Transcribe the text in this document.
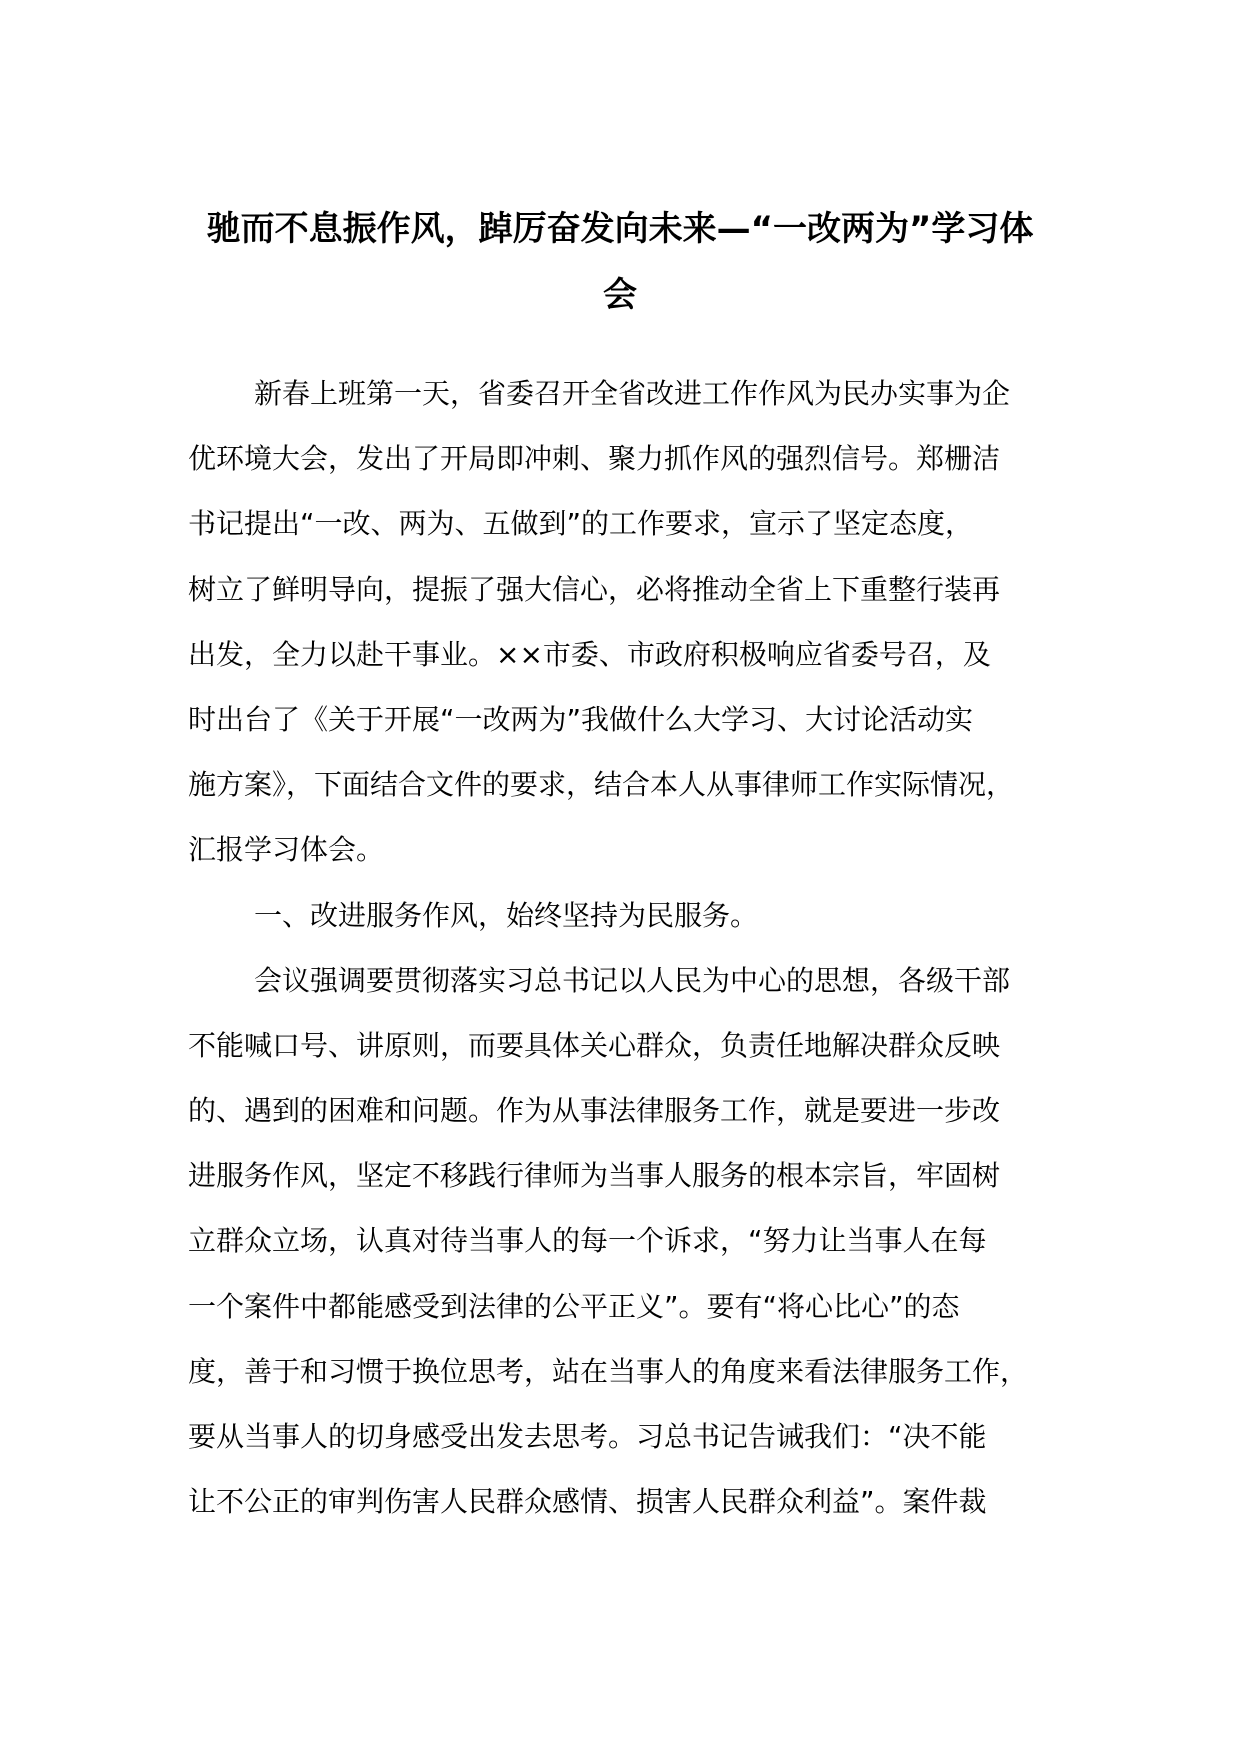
驰而不息振作风，踔厉奋发向未来—“一改两为”学习体
会
新春上班第一天，省委召开全省改进工作作风为民办实事为企
优环境大会，发出了开局即冲刺、聚力抓作风的强烈信号。郑栅洁
书记提出“一改、两为、五做到”的工作要求，宣示了坚定态度，
树立了鲜明导向，提振了强大信心，必将推动全省上下重整行装再
出发，全力以赴干事业。××市委、市政府积极响应省委号召，及
时出台了《关于开展“一改两为”我做什么大学习、大讨论活动实
施方案》，下面结合文件的要求，结合本人从事律师工作实际情况，
汇报学习体会。
一、改进服务作风，始终坚持为民服务。
会议强调要贯彻落实习总书记以人民为中心的思想，各级干部
不能喊口号、讲原则，而要具体关心群众，负责任地解决群众反映
的、遇到的困难和问题。作为从事法律服务工作，就是要进一步改
进服务作风，坚定不移践行律师为当事人服务的根本宗旨，牢固树
立群众立场，认真对待当事人的每一个诉求，“努力让当事人在每
一个案件中都能感受到法律的公平正义”。要有“将心比心”的态
度，善于和习惯于换位思考，站在当事人的角度来看法律服务工作，
要从当事人的切身感受出发去思考。习总书记告诫我们：“决不能
让不公正的审判伤害人民群众感情、损害人民群众利益”。案件裁
